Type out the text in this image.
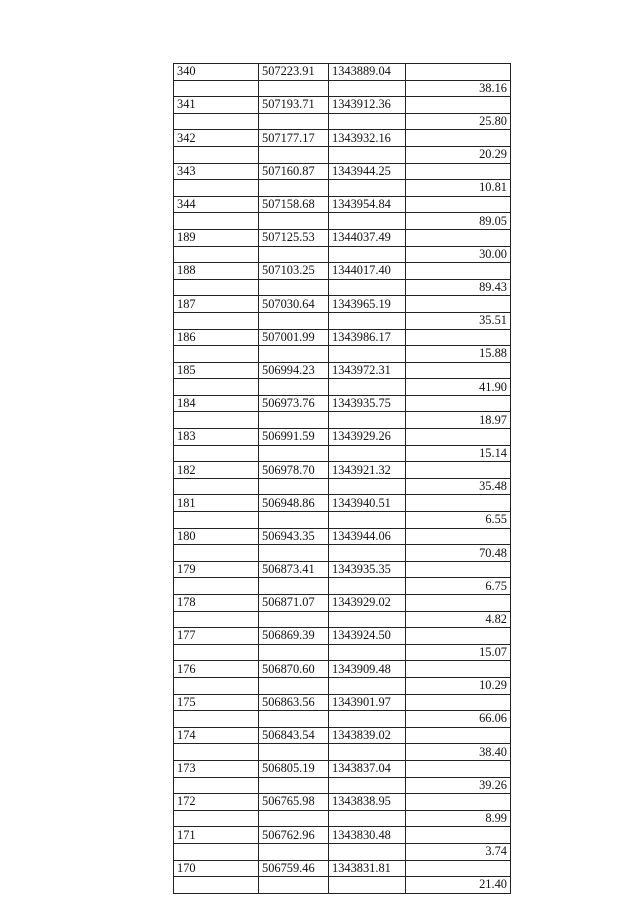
340	507223.91	1343889.04	
			38.16
341	507193.71	1343912.36	
			25.80
342	507177.17	1343932.16	
			20.29
343	507160.87	1343944.25	
			10.81
344	507158.68	1343954.84	
			89.05
189	507125.53	1344037.49	
			30.00
188	507103.25	1344017.40	
			89.43
187	507030.64	1343965.19	
			35.51
186	507001.99	1343986.17	
			15.88
185	506994.23	1343972.31	
			41.90
184	506973.76	1343935.75	
			18.97
183	506991.59	1343929.26	
			15.14
182	506978.70	1343921.32	
			35.48
181	506948.86	1343940.51	
			6.55
180	506943.35	1343944.06	
			70.48
179	506873.41	1343935.35	
			6.75
178	506871.07	1343929.02	
			4.82
177	506869.39	1343924.50	
			15.07
176	506870.60	1343909.48	
			10.29
175	506863.56	1343901.97	
			66.06
174	506843.54	1343839.02	
			38.40
173	506805.19	1343837.04	
			39.26
172	506765.98	1343838.95	
			8.99
171	506762.96	1343830.48	
			3.74
170	506759.46	1343831.81	
			21.40
